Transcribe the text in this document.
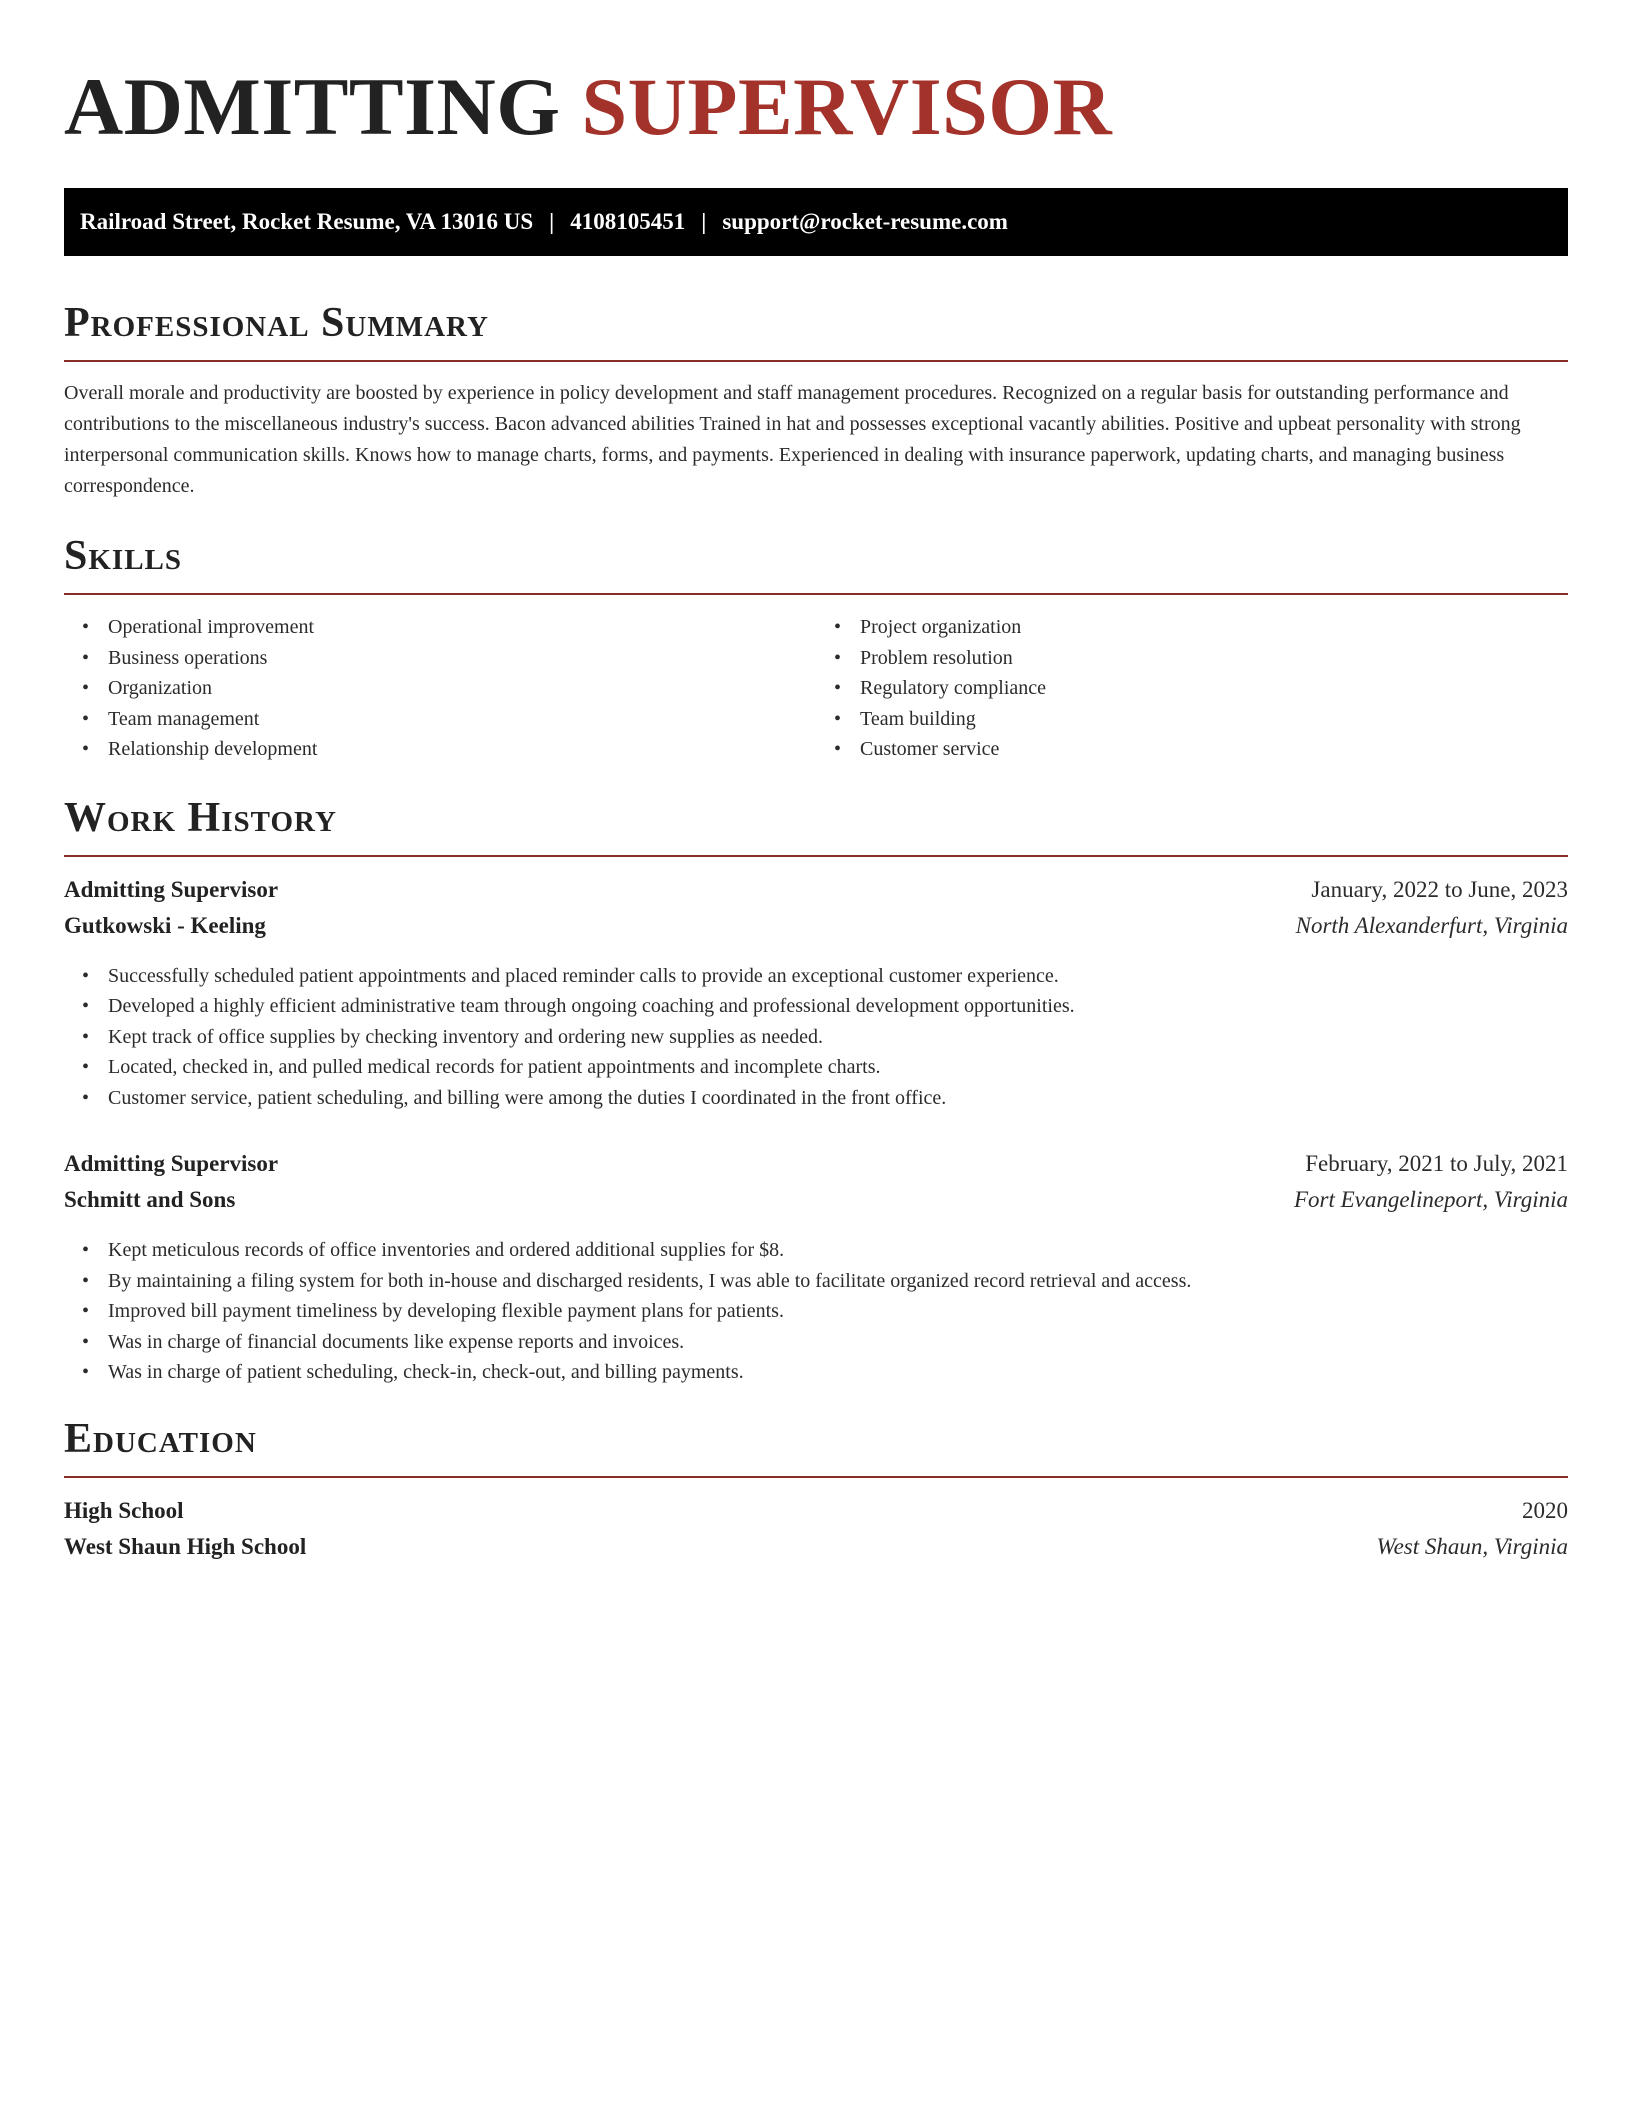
ADMITTING SUPERVISOR
Railroad Street, Rocket Resume, VA 13016 US | 4108105451 | support@rocket-resume.com
Professional Summary

Overall morale and productivity are boosted by experience in policy development and staff management procedures. Recognized on a regular basis for outstanding performance and contributions to the miscellaneous industry's success. Bacon advanced abilities Trained in hat and possesses exceptional vacantly abilities. Positive and upbeat personality with strong interpersonal communication skills. Knows how to manage charts, forms, and payments. Experienced in dealing with insurance paperwork, updating charts, and managing business correspondence.

Skills
• Operational improvement
• Business operations
• Organization
• Team management
• Relationship development
• Project organization
• Problem resolution
• Regulatory compliance
• Team building
• Customer service
Work History
Admitting Supervisor	January, 2022 to June, 2023
Gutkowski - Keeling	North Alexanderfurt, Virginia
• Successfully scheduled patient appointments and placed reminder calls to provide an exceptional customer experience.
• Developed a highly efficient administrative team through ongoing coaching and professional development opportunities.
• Kept track of office supplies by checking inventory and ordering new supplies as needed.
• Located, checked in, and pulled medical records for patient appointments and incomplete charts.
• Customer service, patient scheduling, and billing were among the duties I coordinated in the front office.
Admitting Supervisor	February, 2021 to July, 2021
Schmitt and Sons	Fort Evangelineport, Virginia
• Kept meticulous records of office inventories and ordered additional supplies for $8.
• By maintaining a filing system for both in-house and discharged residents, I was able to facilitate organized record retrieval and access.
• Improved bill payment timeliness by developing flexible payment plans for patients.
• Was in charge of financial documents like expense reports and invoices.
• Was in charge of patient scheduling, check-in, check-out, and billing payments.
Education
High School	2020
West Shaun High School	West Shaun, Virginia
